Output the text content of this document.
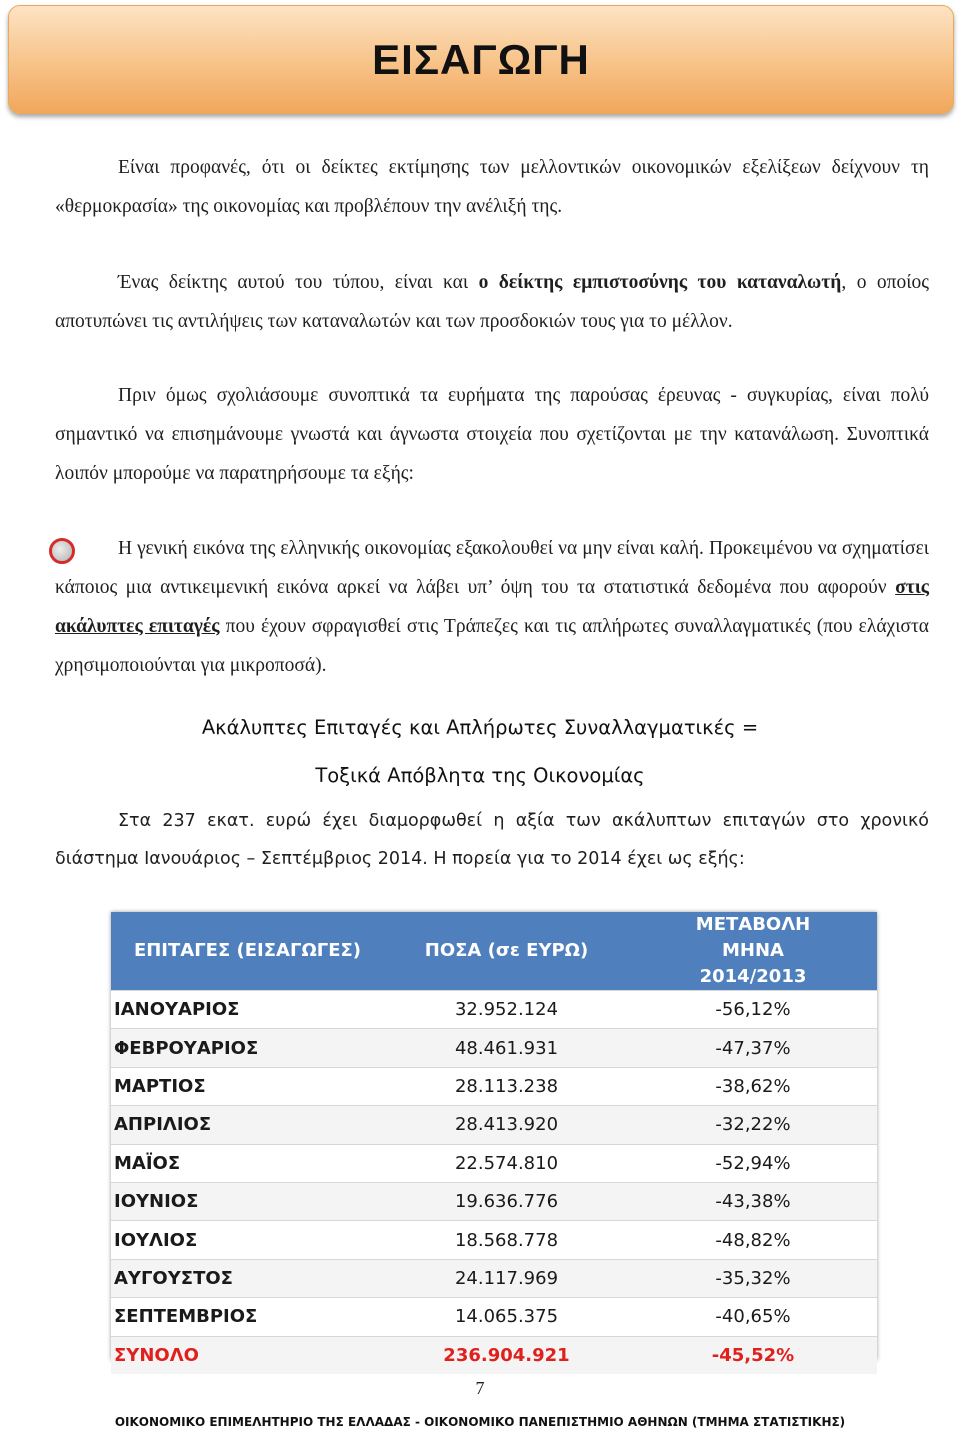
ΕΙΣΑΓΩΓΗ

Είναι προφανές, ότι οι δείκτες εκτίμησης των μελλοντικών οικονομικών εξελίξεων δείχνουν τη «θερμοκρασία» της οικονομίας και προβλέπουν την ανέλιξή της.

Ένας δείκτης αυτού του τύπου, είναι και ο δείκτης εμπιστοσύνης του καταναλωτή, ο οποίος αποτυπώνει τις αντιλήψεις των καταναλωτών και των προσδοκιών τους για το μέλλον.

Πριν όμως σχολιάσουμε συνοπτικά τα ευρήματα της παρούσας έρευνας - συγκυρίας, είναι πολύ σημαντικό να επισημάνουμε γνωστά και άγνωστα στοιχεία που σχετίζονται με την κατανάλωση. Συνοπτικά λοιπόν μπορούμε να παρατηρήσουμε τα εξής:

Η γενική εικόνα της ελληνικής οικονομίας εξακολουθεί να μην είναι καλή. Προκειμένου να σχηματίσει κάποιος μια αντικειμενική εικόνα αρκεί να λάβει υπ’ όψη του τα στατιστικά δεδομένα που αφορούν στις ακάλυπτες επιταγές που έχουν σφραγισθεί στις Τράπεζες και τις απλήρωτες συναλλαγματικές (που ελάχιστα χρησιμοποιούνται για μικροποσά).

Ακάλυπτες Επιταγές και Απλήρωτες Συναλλαγματικές =
Τοξικά Απόβλητα της Οικονομίας

Στα 237 εκατ. ευρώ έχει διαμορφωθεί η αξία των ακάλυπτων επιταγών στο χρονικό διάστημα Ιανουάριος – Σεπτέμβριος 2014. Η πορεία για το 2014 έχει ως εξής:

ΕΠΙΤΑΓΕΣ (ΕΙΣΑΓΩΓΕΣ)	ΠΟΣΑ (σε ΕΥΡΩ)	ΜΕΤΑΒΟΛΗ ΜΗΝΑ 2014/2013
ΙΑΝΟΥΑΡΙΟΣ	32.952.124	-56,12%
ΦΕΒΡΟΥΑΡΙΟΣ	48.461.931	-47,37%
ΜΑΡΤΙΟΣ	28.113.238	-38,62%
ΑΠΡΙΛΙΟΣ	28.413.920	-32,22%
ΜΑΪΟΣ	22.574.810	-52,94%
ΙΟΥΝΙΟΣ	19.636.776	-43,38%
ΙΟΥΛΙΟΣ	18.568.778	-48,82%
ΑΥΓΟΥΣΤΟΣ	24.117.969	-35,32%
ΣΕΠΤΕΜΒΡΙΟΣ	14.065.375	-40,65%
ΣΥΝΟΛΟ	236.904.921	-45,52%
7
ΟΙΚΟΝΟΜΙΚΟ ΕΠΙΜΕΛΗΤΗΡΙΟ ΤΗΣ ΕΛΛΑΔΑΣ - ΟΙΚΟΝΟΜΙΚΟ ΠΑΝΕΠΙΣΤΗΜΙΟ ΑΘΗΝΩΝ (ΤΜΗΜΑ ΣΤΑΤΙΣΤΙΚΗΣ)
